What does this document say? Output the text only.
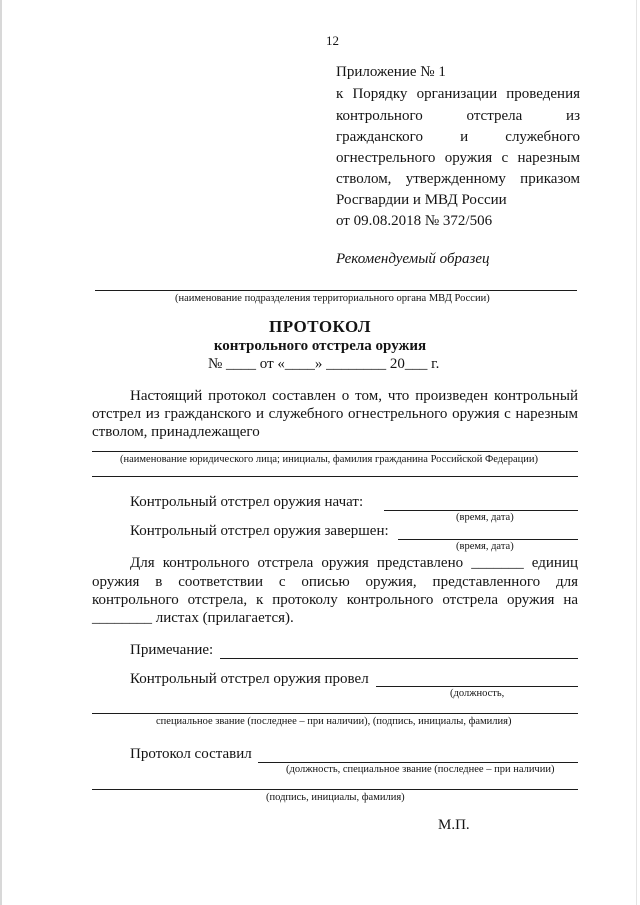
12
Приложение № 1
к Порядку организации проведения
контрольного отстрела из
гражданского и служебного
огнестрельного оружия с нарезным
стволом, утвержденному приказом
Росгвардии и МВД России
от 09.08.2018 № 372/506
Рекомендуемый образец
(наименование подразделения территориального органа МВД России)
ПРОТОКОЛ
контрольного отстрела оружия
№ ____ от «____» ________ 20___ г.
Настоящий протокол составлен о том, что произведен контрольный
отстрел из гражданского и служебного огнестрельного оружия с нарезным
стволом, принадлежащего
(наименование юридического лица; инициалы, фамилия гражданина Российской Федерации)
Контрольный отстрел оружия начат:
(время, дата)
Контрольный отстрел оружия завершен:
(время, дата)
Для контрольного отстрела оружия представлено _______ единиц
оружия в соответствии с описью оружия, представленного для
контрольного отстрела, к протоколу контрольного отстрела оружия на
________ листах (прилагается).
Примечание:
Контрольный отстрел оружия провел
(должность,
специальное звание (последнее – при наличии), (подпись, инициалы, фамилия)
Протокол составил
(должность, специальное звание (последнее – при наличии)
(подпись, инициалы, фамилия)
М.П.
